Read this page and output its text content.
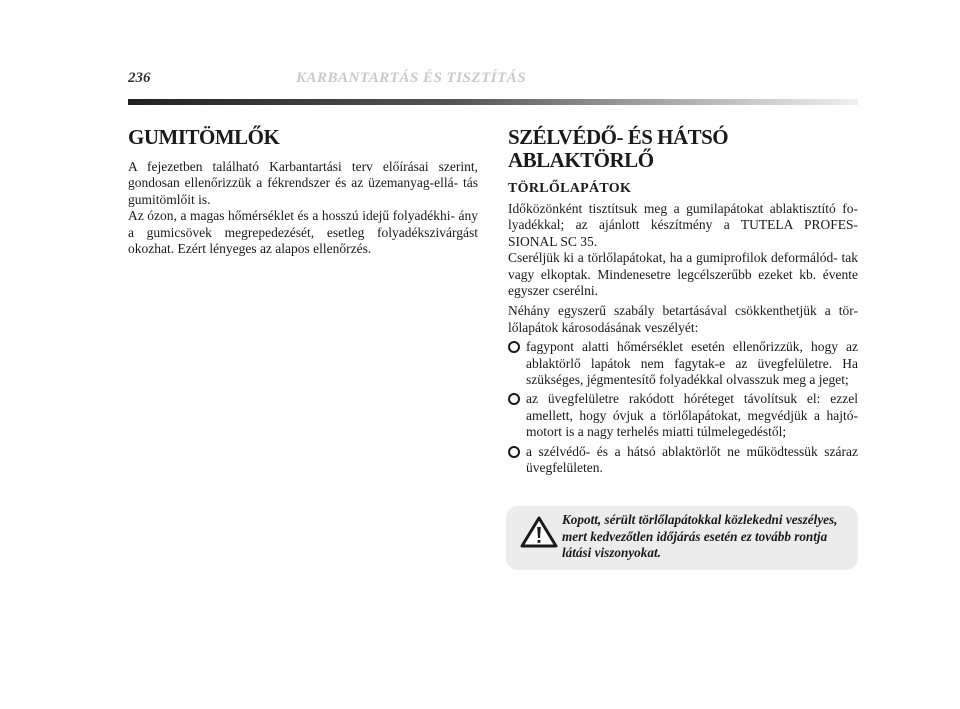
236	KARBANTARTÁS ÉS TISZTÍTÁS
GUMITÖMLŐK

A fejezetben található Karbantartási terv előírásai szerint, gondosan ellenőrizzük a fékrendszer és az üzemanyag-ellá- tás gumitömlőit is.

Az ózon, a magas hőmérséklet és a hosszú idejű folyadékhi- ány a gumicsövek megrepedezését, esetleg folyadékszivárgást okozhat. Ezért lényeges az alapos ellenőrzés.

SZÉLVÉDŐ- ÉS HÁTSÓ ABLAKTÖRLŐ
TÖRLŐLAPÁTOK

Időközönként tisztítsuk meg a gumilapátokat ablaktisztító fo- lyadékkal; az ajánlott készítmény a TUTELA PROFES- SIONAL SC 35.

Cseréljük ki a törlőlapátokat, ha a gumiprofilok deformálód- tak vagy elkoptak. Mindenesetre legcélszerűbb ezeket kb. évente egyszer cserélni.

Néhány egyszerű szabály betartásával csökkenthetjük a tör- lőlapátok károsodásának veszélyét:

fagypont alatti hőmérséklet esetén ellenőrizzük, hogy az ablaktörlő lapátok nem fagytak-e az üvegfelületre. Ha szükséges, jégmentesítő folyadékkal olvasszuk meg a jeget;
az üvegfelületre rakódott hóréteget távolítsuk el: ezzel amellett, hogy óvjuk a törlőlapátokat, megvédjük a hajtó- motort is a nagy terhelés miatti túlmelegedéstől;
a szélvédő- és a hátsó ablaktörlőt ne működtessük száraz üvegfelületen.
Kopott, sérült törlőlapátokkal közlekedni veszélyes, mert kedvezőtlen időjárás esetén ez tovább rontja látási viszonyokat.
